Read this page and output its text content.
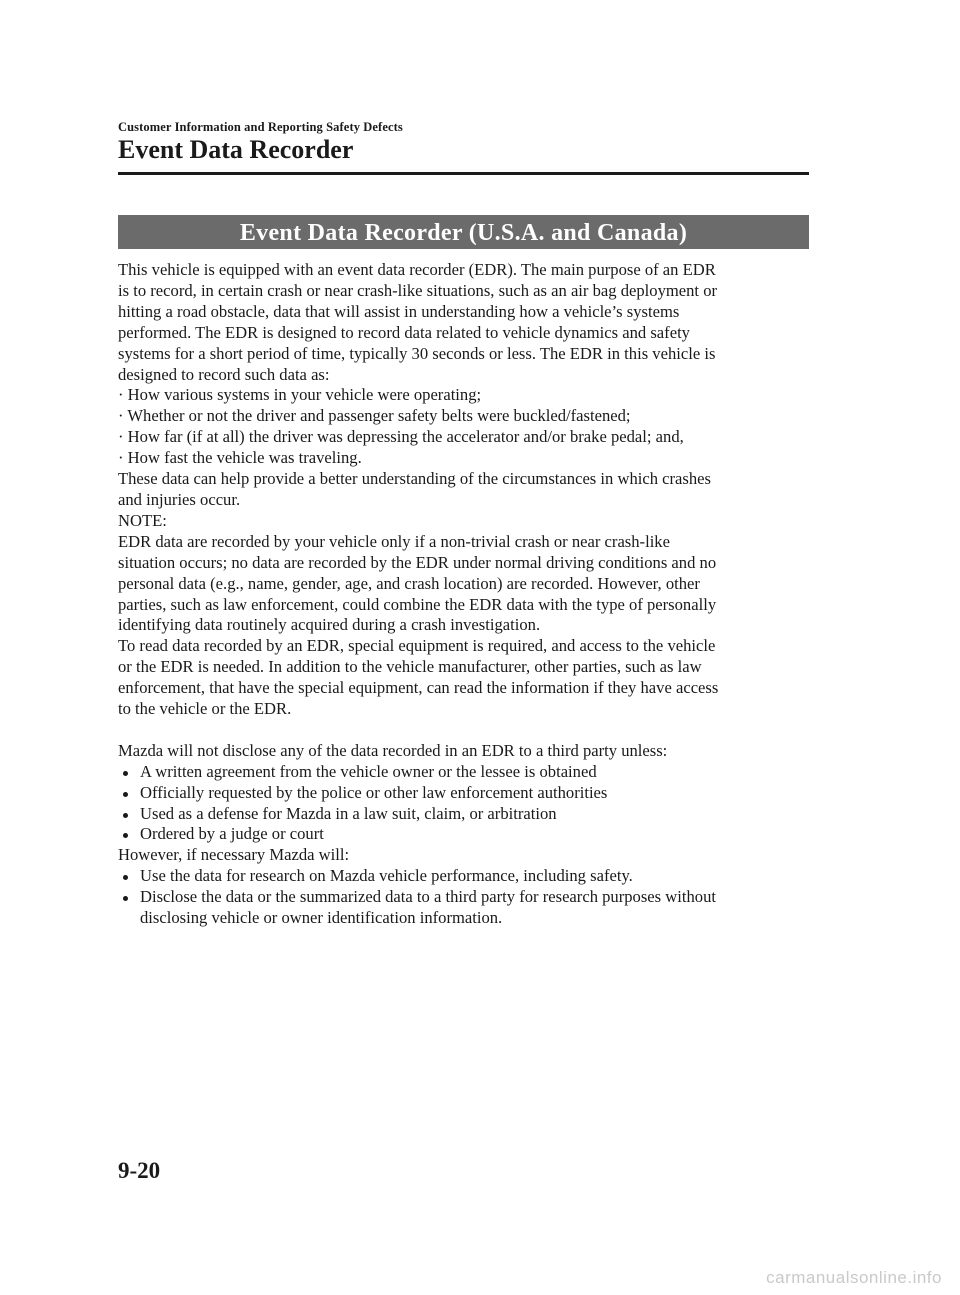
Customer Information and Reporting Safety Defects
Event Data Recorder
Event Data Recorder (U.S.A. and Canada)

This vehicle is equipped with an event data recorder (EDR). The main purpose of an EDR

is to record, in certain crash or near crash-like situations, such as an air bag deployment or

hitting a road obstacle, data that will assist in understanding how a vehicle’s systems

performed. The EDR is designed to record data related to vehicle dynamics and safety

systems for a short period of time, typically 30 seconds or less. The EDR in this vehicle is

designed to record such data as:

· How various systems in your vehicle were operating;

· Whether or not the driver and passenger safety belts were buckled/fastened;

· How far (if at all) the driver was depressing the accelerator and/or brake pedal; and,

· How fast the vehicle was traveling.

These data can help provide a better understanding of the circumstances in which crashes

and injuries occur.

NOTE:

EDR data are recorded by your vehicle only if a non-trivial crash or near crash-like

situation occurs; no data are recorded by the EDR under normal driving conditions and no

personal data (e.g., name, gender, age, and crash location) are recorded. However, other

parties, such as law enforcement, could combine the EDR data with the type of personally

identifying data routinely acquired during a crash investigation.

To read data recorded by an EDR, special equipment is required, and access to the vehicle

or the EDR is needed. In addition to the vehicle manufacturer, other parties, such as law

enforcement, that have the special equipment, can read the information if they have access

to the vehicle or the EDR.

Mazda will not disclose any of the data recorded in an EDR to a third party unless:

A written agreement from the vehicle owner or the lessee is obtained
Officially requested by the police or other law enforcement authorities
Used as a defense for Mazda in a law suit, claim, or arbitration
Ordered by a judge or court

However, if necessary Mazda will:

Use the data for research on Mazda vehicle performance, including safety.
Disclose the data or the summarized data to a third party for research purposes without
disclosing vehicle or owner identification information.
9-20
carmanualsonline.info
